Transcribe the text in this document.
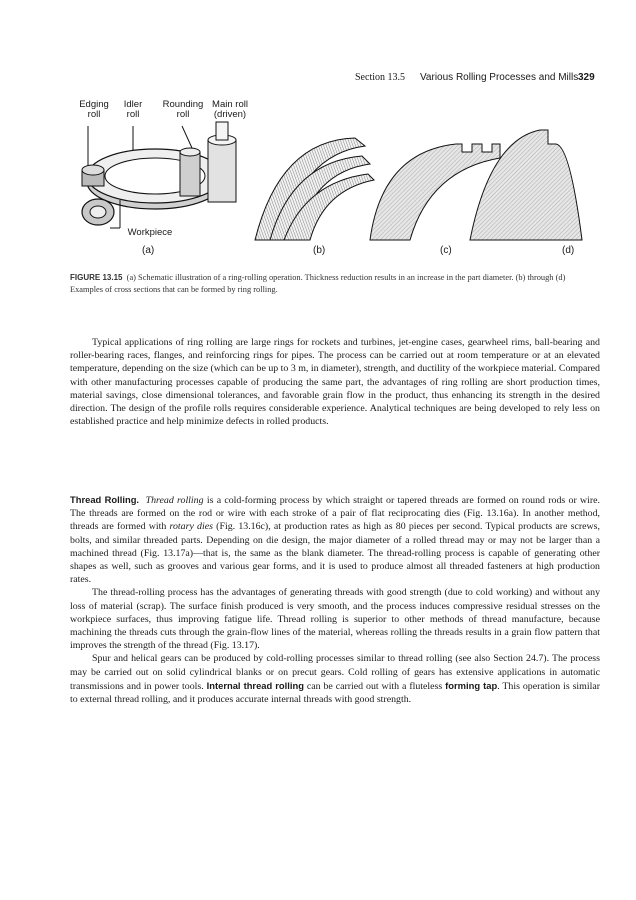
Section 13.5 Various Rolling Processes and Mills 329
Edging
roll
Idler
roll
Rounding
roll
Main roll
(driven)
Workpiece
(a)	(b)	(c)	(d)
FIGURE 13.15 (a) Schematic illustration of a ring-rolling operation. Thickness reduction results in an increase in the part diameter. (b) through (d) Examples of cross sections that can be formed by ring rolling.

Typical applications of ring rolling are large rings for rockets and turbines, jet-engine cases, gearwheel rims, ball-bearing and roller-bearing races, flanges, and reinforcing rings for pipes. The process can be carried out at room temperature or at an elevated temperature, depending on the size (which can be up to 3 m, in diameter), strength, and ductility of the workpiece material. Compared with other manufacturing processes capable of producing the same part, the advantages of ring rolling are short production times, material savings, close dimensional tolerances, and favorable grain flow in the product, thus enhancing its strength in the desired direction. The design of the profile rolls requires considerable experience. Analytical techniques are being developed to rely less on established practice and help minimize defects in rolled products.

Thread Rolling. Thread rolling is a cold-forming process by which straight or tapered threads are formed on round rods or wire. The threads are formed on the rod or wire with each stroke of a pair of flat reciprocating dies (Fig. 13.16a). In another method, threads are formed with rotary dies (Fig. 13.16c), at production rates as high as 80 pieces per second. Typical products are screws, bolts, and similar threaded parts. Depending on die design, the major diameter of a rolled thread may or may not be larger than a machined thread (Fig. 13.17a)—that is, the same as the blank diameter. The thread-rolling process is capable of generating other shapes as well, such as grooves and various gear forms, and it is used to produce almost all threaded fasteners at high production rates.

The thread-rolling process has the advantages of generating threads with good strength (due to cold working) and without any loss of material (scrap). The surface finish produced is very smooth, and the process induces compressive residual stresses on the workpiece surfaces, thus improving fatigue life. Thread rolling is superior to other methods of thread manufacture, because machining the threads cuts through the grain-flow lines of the material, whereas rolling the threads results in a grain flow pattern that improves the strength of the thread (Fig. 13.17).

Spur and helical gears can be produced by cold-rolling processes similar to thread rolling (see also Section 24.7). The process may be carried out on solid cylindrical blanks or on precut gears. Cold rolling of gears has extensive applications in automatic transmissions and in power tools. Internal thread rolling can be carried out with a fluteless forming tap. This operation is similar to external thread rolling, and it produces accurate internal threads with good strength.
